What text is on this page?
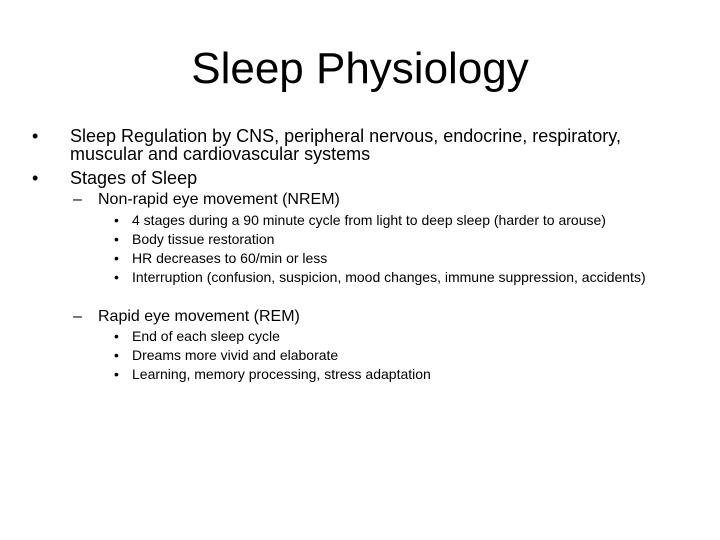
Sleep Physiology
•	Sleep Regulation by CNS, peripheral nervous, endocrine, respiratory, muscular and cardiovascular systems
•	Stages of Sleep
– Non-rapid eye movement (NREM)
• 4 stages during a 90 minute cycle from light to deep sleep (harder to arouse)
• Body tissue restoration
• HR decreases to 60/min or less
• Interruption (confusion, suspicion, mood changes, immune suppression, accidents)
– Rapid eye movement (REM)
• End of each sleep cycle
• Dreams more vivid and elaborate
• Learning, memory processing, stress adaptation
